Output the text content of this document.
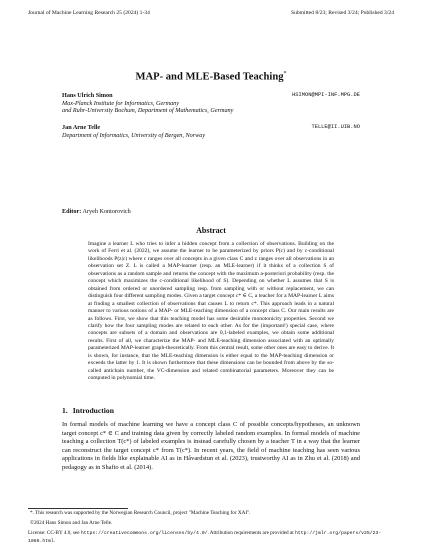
Journal of Machine Learning Research 25 (2024) 1-34	Submitted 8/23; Revised 3/24; Published 3/24
MAP- and MLE-Based Teaching*
Hans Ulrich Simon	HSIMON@MPI-INF.MPG.DE
Max-Planck Institute for Informatics, Germany
and Ruhr-University Bochum, Department of Mathematics, Germany
Jan Arne Telle	TELLE@II.UIB.NO
Department of Informatics, University of Bergen, Norway
Editor: Aryeh Kontorovich
Abstract

Imagine a learner L who tries to infer a hidden concept from a collection of observations. Building on the work of Ferri et al. (2022), we assume the learner to be parameterized by priors P(c) and by c-conditional likelihoods P(z|c) where c ranges over all concepts in a given class C and z ranges over all observations in an observation set Z. L is called a MAP-learner (resp. an MLE-learner) if it thinks of a collection S of observations as a random sample and returns the concept with the maximum a-posteriori probability (resp. the concept which maximizes the c-conditional likelihood of S). Depending on whether L assumes that S is obtained from ordered or unordered sampling resp. from sampling with or without replacement, we can distinguish four different sampling modes. Given a target concept c* ∈ C, a teacher for a MAP-learner L aims at finding a smallest collection of observations that causes L to return c*. This approach leads in a natural manner to various notions of a MAP- or MLE-teaching dimension of a concept class C. Our main results are as follows. First, we show that this teaching model has some desirable monotonicity properties. Second we clarify how the four sampling modes are related to each other. As for the (important!) special case, where concepts are subsets of a domain and observations are 0,1-labeled examples, we obtain some additional results. First of all, we characterize the MAP- and MLE-teaching dimension associated with an optimally parameterized MAP-learner graph-theoretically. From this central result, some other ones are easy to derive. It is shown, for instance, that the MLE-teaching dimension is either equal to the MAP-teaching dimension or exceeds the latter by 1. It is shown furthermore that these dimensions can be bounded from above by the so-called antichain number, the VC-dimension and related combinatorial parameters. Moreover they can be computed in polynomial time.

1. Introduction

In formal models of machine learning we have a concept class C of possible concepts/hypotheses, an unknown target concept c* ∈ C and training data given by correctly labeled random examples. In formal models of machine teaching a collection T(c*) of labeled examples is instead carefully chosen by a teacher T in a way that the learner can reconstruct the target concept c* from T(c*). In recent years, the field of machine teaching has seen various applications in fields like explainable AI as in Håvardstun et al. (2023), trustworthy AI as in Zhu et al. (2018) and pedagogy as in Shafto et al. (2014).

*. This research was supported by the Norwegian Research Council, project "Machine Teaching for XAI".
©2024 Hans Simon and Jan Arne Telle.
License: CC-BY 4.0, see https://creativecommons.org/licenses/by/4.0/. Attribution requirements are provided at http://jmlr.org/papers/v25/23-1086.html.
